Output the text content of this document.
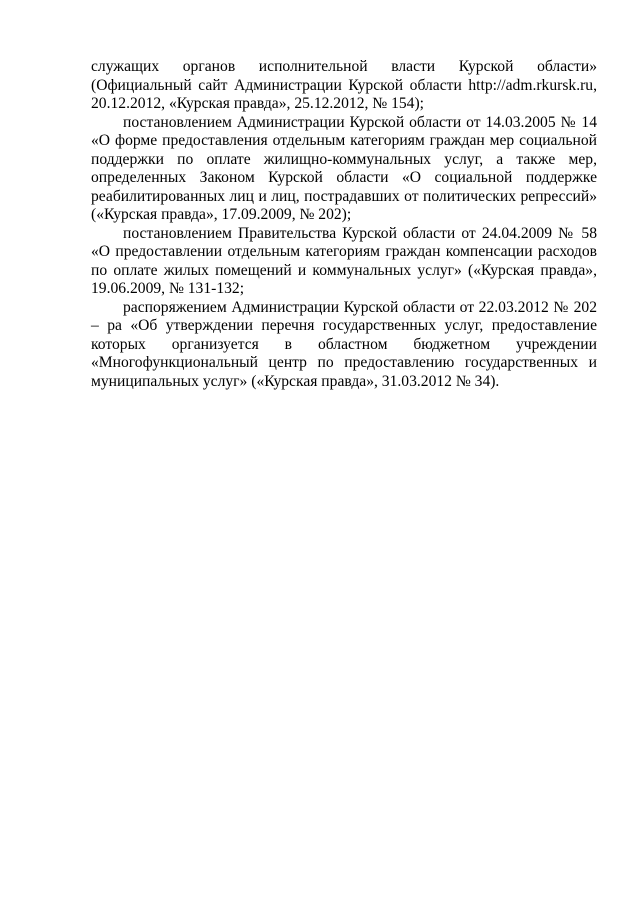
служащих органов исполнительной власти Курской области» (Официальный сайт Администрации Курской области http://adm.rkursk.ru, 20.12.2012, «Курская правда», 25.12.2012, № 154);

постановлением Администрации Курской области от 14.03.2005 № 14 «О форме предоставления отдельным категориям граждан мер социальной поддержки по оплате жилищно-коммунальных услуг, а также мер, определенных Законом Курской области «О социальной поддержке реабилитированных лиц и лиц, пострадавших от политических репрессий» («Курская правда», 17.09.2009, № 202);

постановлением Правительства Курской области от 24.04.2009 № 58 «О предоставлении отдельным категориям граждан компенсации расходов по оплате жилых помещений и коммунальных услуг» («Курская правда», 19.06.2009, № 131-132;

распоряжением Администрации Курской области от 22.03.2012 № 202 – ра «Об утверждении перечня государственных услуг, предоставление которых организуется в областном бюджетном учреждении «Многофункциональный центр по предоставлению государственных и муниципальных услуг» («Курская правда», 31.03.2012 № 34).
